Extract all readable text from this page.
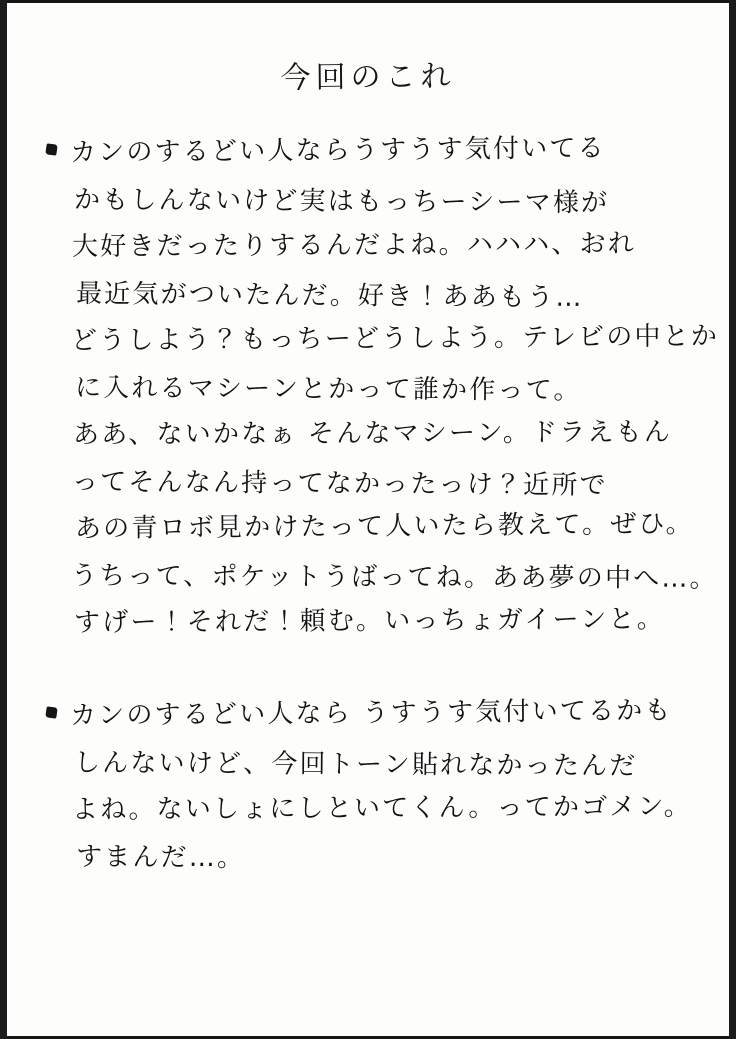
今回のこれ
カンのするどい人ならうすうす気付いてる
かもしんないけど実はもっちーシーマ様が
大好きだったりするんだよね。ハハハ、おれ
最近気がついたんだ。好き！ああもう…
どうしよう？もっちーどうしよう。テレビの中とか
に入れるマシーンとかって誰か作って。
ああ、ないかなぁ そんなマシーン。ドラえもん
ってそんなん持ってなかったっけ？近所で
あの青ロボ見かけたって人いたら教えて。ぜひ。
うちって、ポケットうばってね。ああ夢の中へ…。
すげー！それだ！頼む。いっちょガイーンと。
カンのするどい人なら うすうす気付いてるかも
しんないけど、今回トーン貼れなかったんだ
よね。ないしょにしといてくん。ってかゴメン。
すまんだ…。
